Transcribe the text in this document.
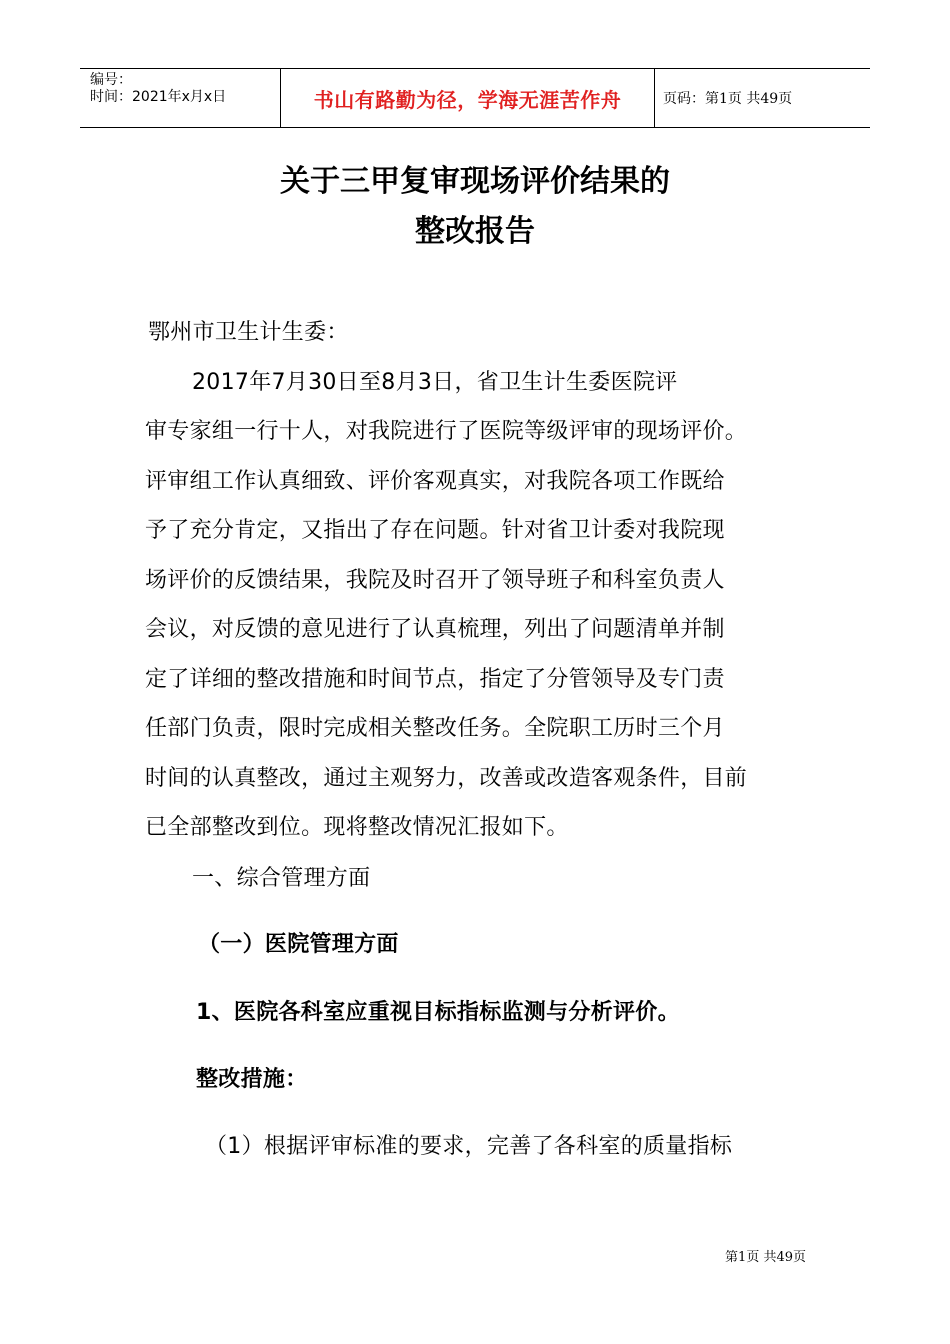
编号：
时间：2021年x月x日	书山有路勤为径，学海无涯苦作舟	页码：第1页 共49页
关于三甲复审现场评价结果的
整改报告
鄂州市卫生计生委：
2017年7月30日至8月3日，省卫生计生委医院评
审专家组一行十人，对我院进行了医院等级评审的现场评价。
评审组工作认真细致、评价客观真实，对我院各项工作既给
予了充分肯定，又指出了存在问题。针对省卫计委对我院现
场评价的反馈结果，我院及时召开了领导班子和科室负责人
会议，对反馈的意见进行了认真梳理，列出了问题清单并制
定了详细的整改措施和时间节点，指定了分管领导及专门责
任部门负责，限时完成相关整改任务。全院职工历时三个月
时间的认真整改，通过主观努力，改善或改造客观条件，目前
已全部整改到位。现将整改情况汇报如下。
一、综合管理方面
（一）医院管理方面
1、医院各科室应重视目标指标监测与分析评价。
整改措施：
（1）根据评审标准的要求，完善了各科室的质量指标
第1页 共49页
